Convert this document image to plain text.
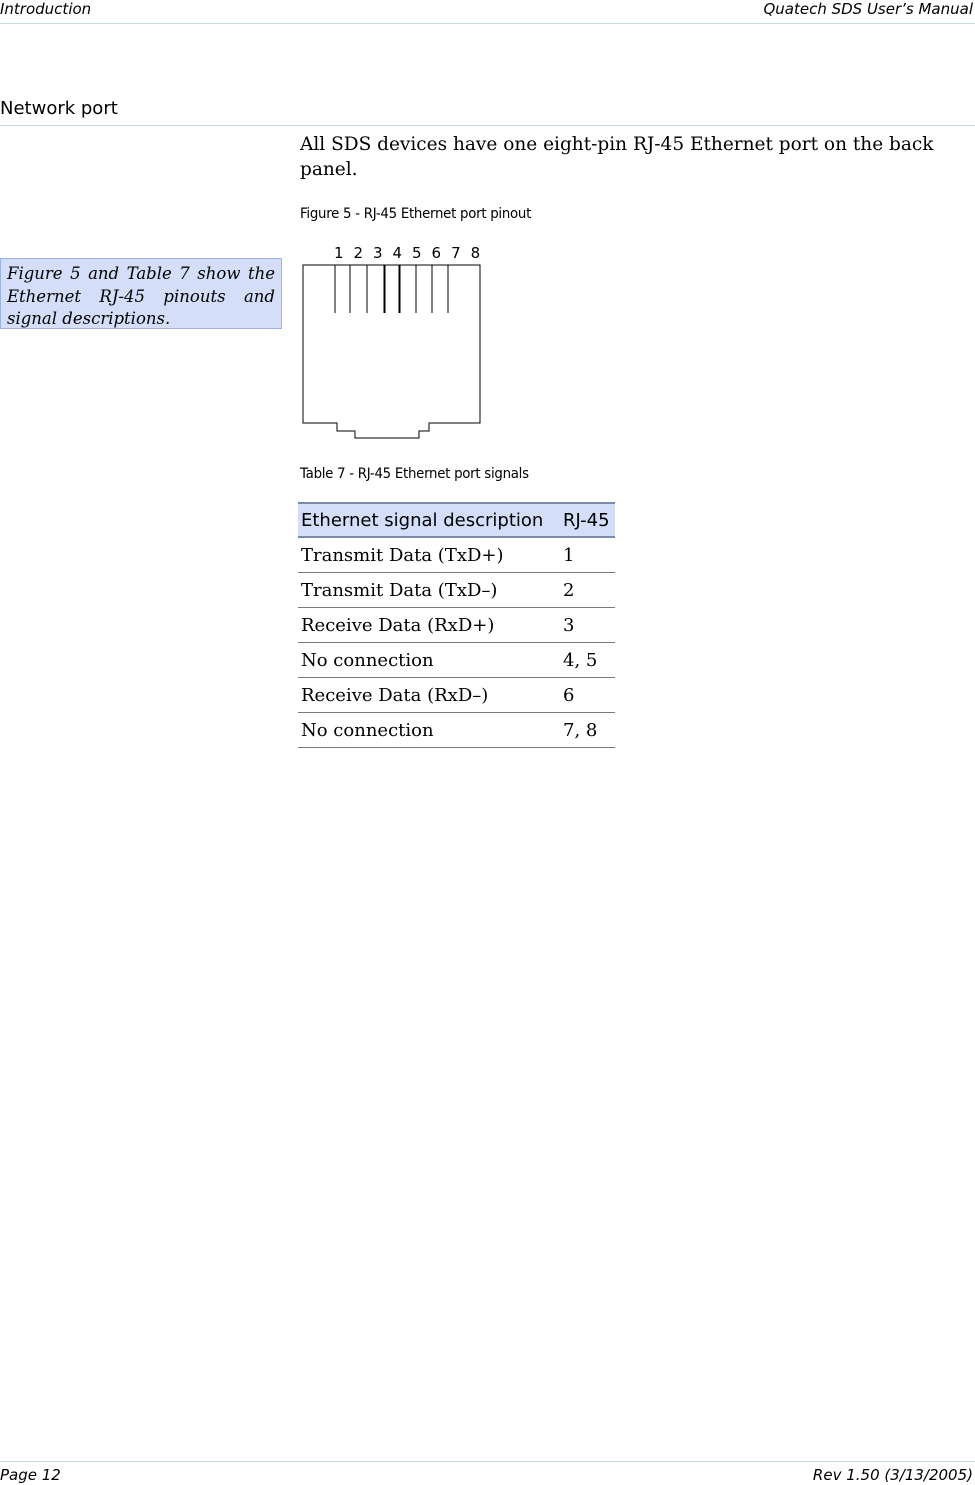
Introduction	Quatech SDS User’s Manual
Network port

All SDS devices have one eight-pin RJ-45 Ethernet port on the back panel.

Figure 5 - RJ-45 Ethernet port pinout
Figure 5 and Table 7 show the Ethernet RJ-45 pinouts and signal descriptions.
1 2 3 4 5 6 7 8
Table 7 - RJ-45 Ethernet port signals
Ethernet signal description	RJ-45
Transmit Data (TxD+)	1
Transmit Data (TxD–)	2
Receive Data (RxD+)	3
No connection	4, 5
Receive Data (RxD–)	6
No connection	7, 8
Page 12	Rev 1.50 (3/13/2005)
